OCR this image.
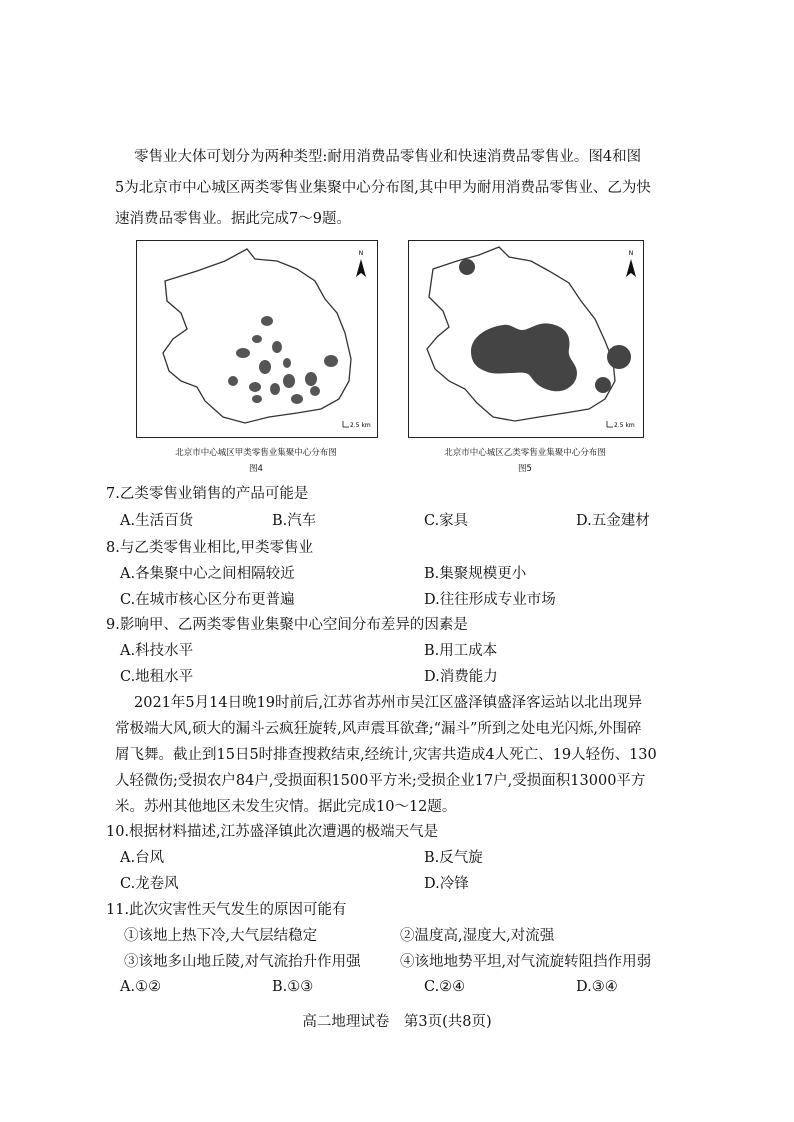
零售业大体可划分为两种类型:耐用消费品零售业和快速消费品零售业。图4和图
5为北京市中心城区两类零售业集聚中心分布图,其中甲为耐用消费品零售业、乙为快
速消费品零售业。据此完成7～9题。
N
2.5 km
北京市中心城区甲类零售业集聚中心分布图
图4
N
2.5 km
北京市中心城区乙类零售业集聚中心分布图
图5
7.乙类零售业销售的产品可能是
A.生活百货	B.汽车	C.家具	D.五金建材
8.与乙类零售业相比,甲类零售业
A.各集聚中心之间相隔较近	B.集聚规模更小
C.在城市核心区分布更普遍	D.往往形成专业市场
9.影响甲、乙两类零售业集聚中心空间分布差异的因素是
A.科技水平	B.用工成本
C.地租水平	D.消费能力
2021年5月14日晚19时前后,江苏省苏州市吴江区盛泽镇盛泽客运站以北出现异
常极端大风,硕大的漏斗云疯狂旋转,风声震耳欲聋;“漏斗”所到之处电光闪烁,外围碎
屑飞舞。截止到15日5时排查搜救结束,经统计,灾害共造成4人死亡、19人轻伤、130
人轻微伤;受损农户84户,受损面积1500平方米;受损企业17户,受损面积13000平方
米。苏州其他地区未发生灾情。据此完成10～12题。
10.根据材料描述,江苏盛泽镇此次遭遇的极端天气是
A.台风	B.反气旋
C.龙卷风	D.冷锋
11.此次灾害性天气发生的原因可能有
①该地上热下冷,大气层结稳定	②温度高,湿度大,对流强
③该地多山地丘陵,对气流抬升作用强	④该地地势平坦,对气流旋转阻挡作用弱
A.①②	B.①③	C.②④	D.③④
高二地理试卷　第3页(共8页)
